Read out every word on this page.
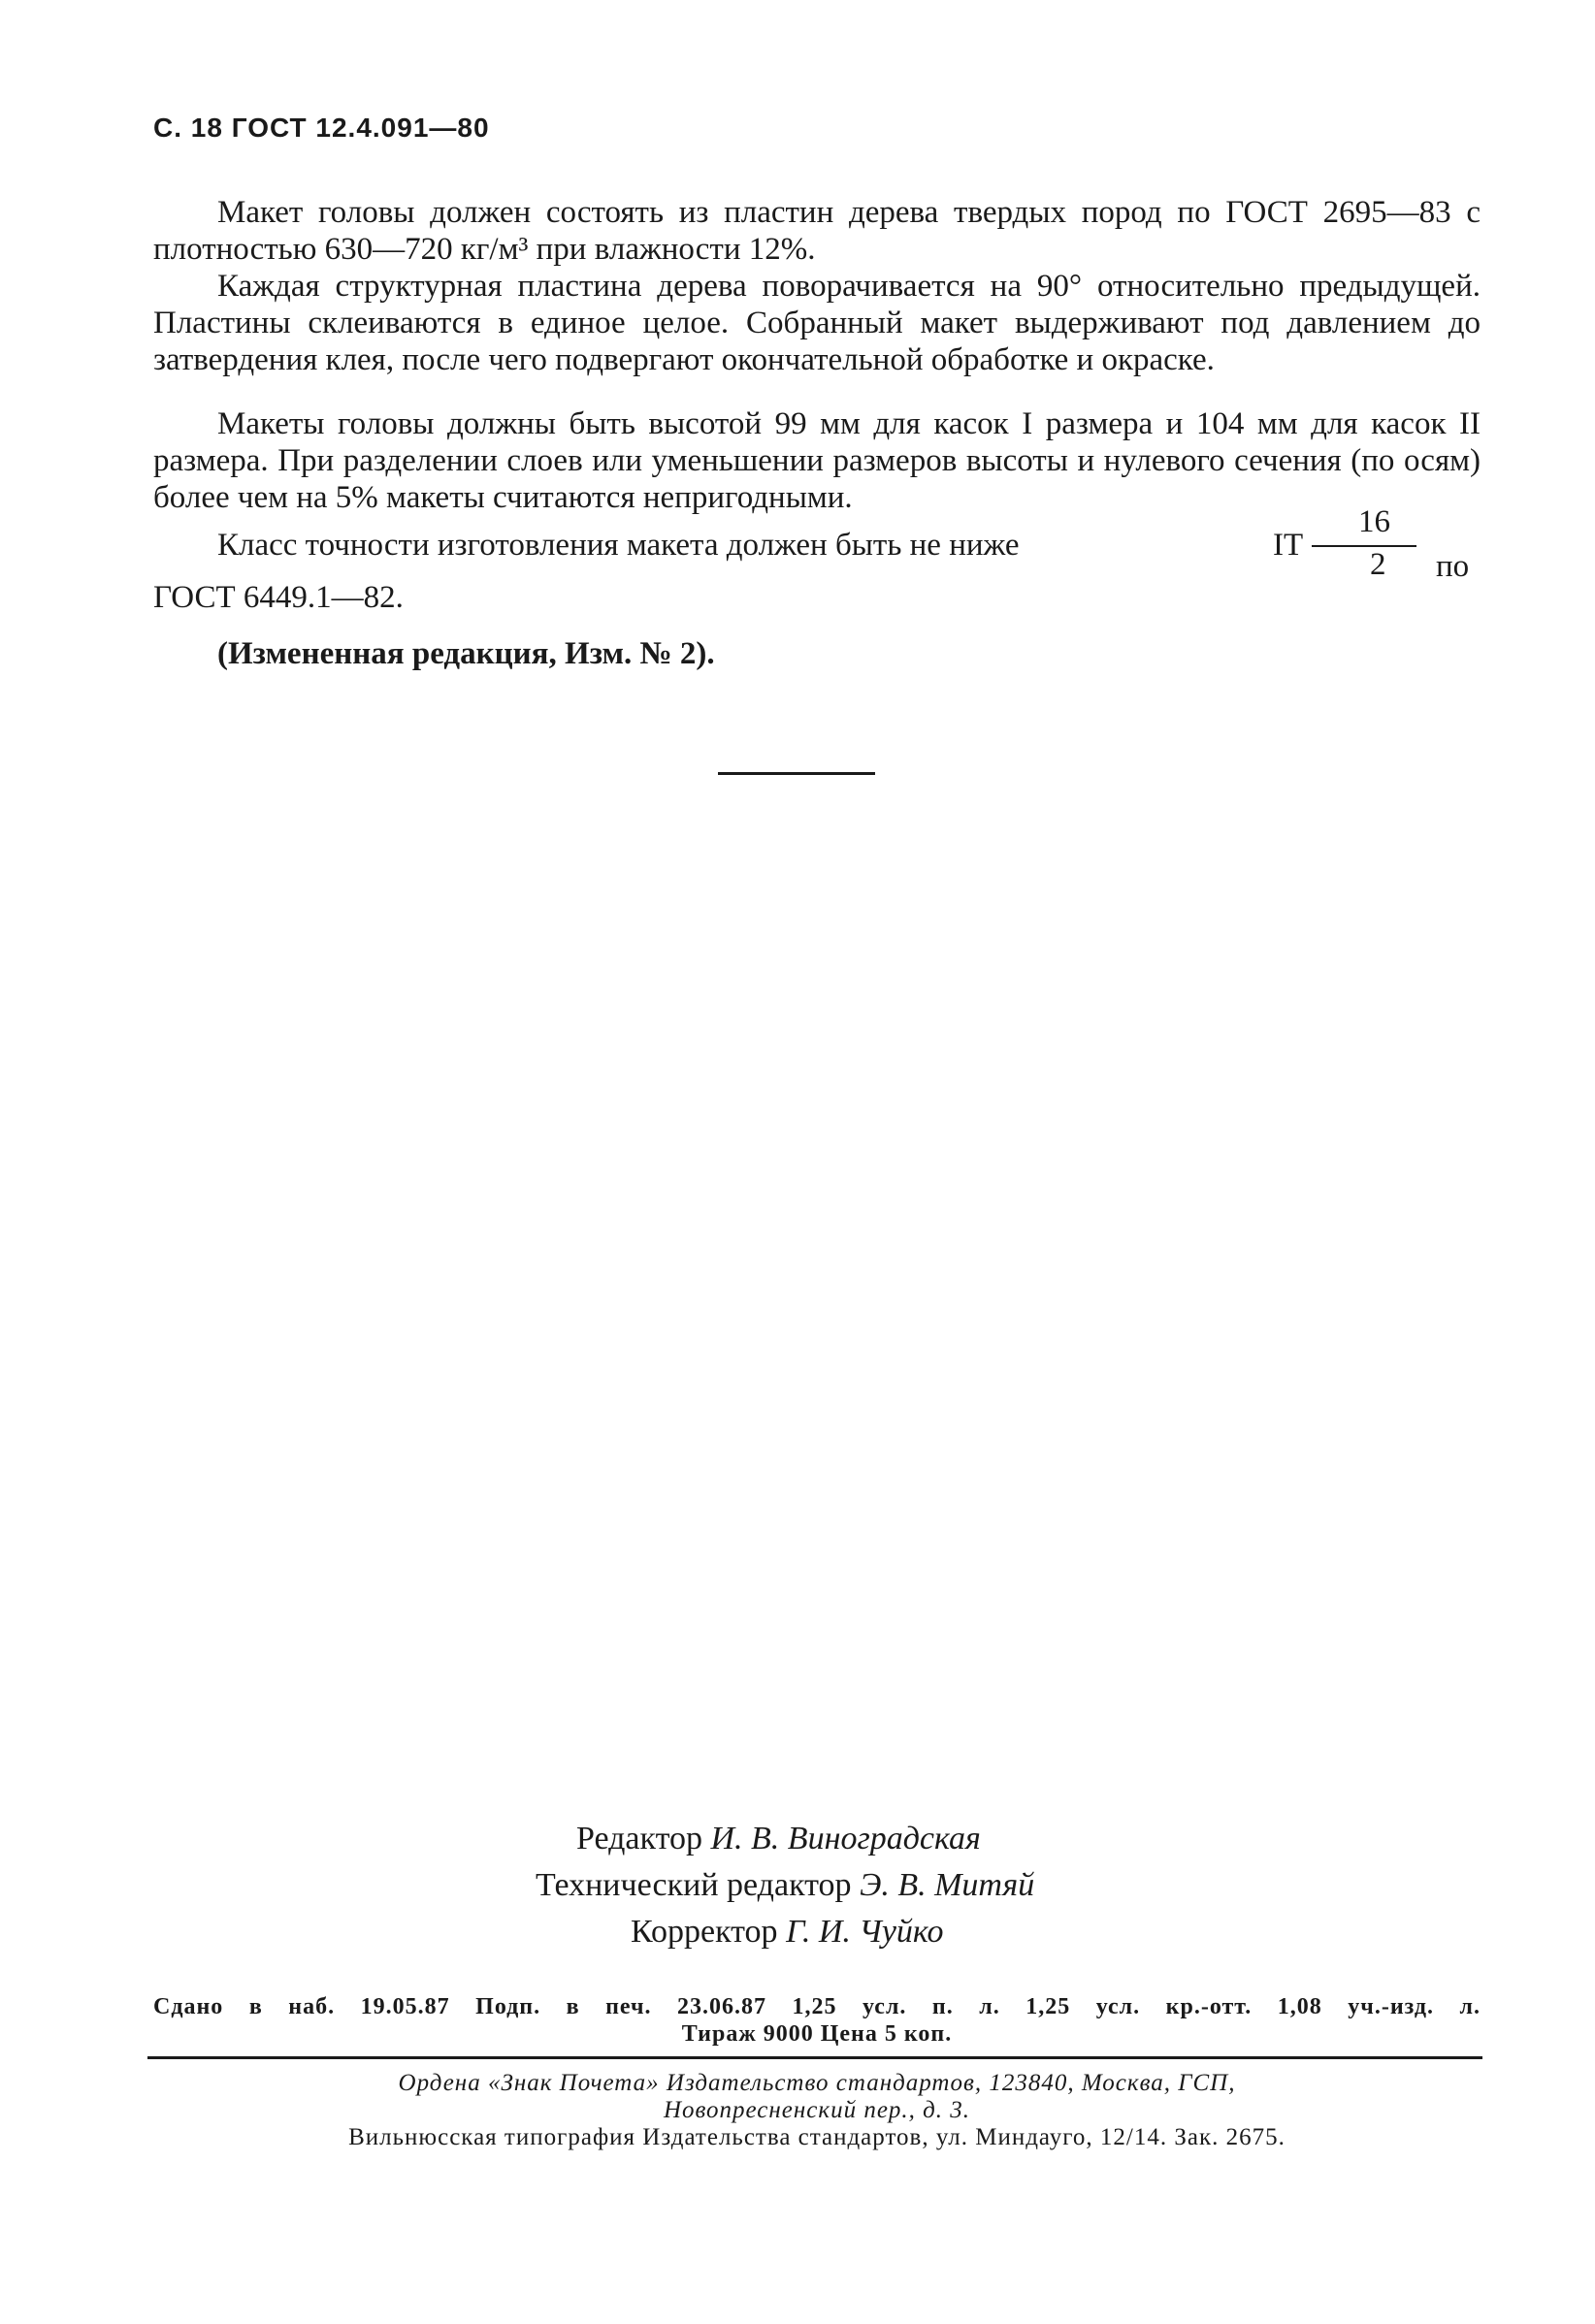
С. 18 ГОСТ 12.4.091—80

Макет головы должен состоять из пластин дерева твердых пород по ГОСТ 2695—83 с плотностью 630—720 кг/м³ при влажности 12%.

Каждая структурная пластина дерева поворачивается на 90° относительно предыдущей. Пластины склеиваются в единое целое. Собранный макет выдерживают под давлением до затвердения клея, после чего подвергают окончательной обработке и окраске.

Макеты головы должны быть высотой 99 мм для касок I размера и 104 мм для касок II размера. При разделении слоев или уменьшении размеров высоты и нулевого сечения (по осям) более чем на 5% макеты считаются непригодными.

Класс точности изготовления макета должен быть не ниже	IT
16
2 по
ГОСТ 6449.1—82.
(Измененная редакция, Изм. № 2).
Редактор И. В. Виноградская
Технический редактор Э. В. Митяй
Корректор Г. И. Чуйко
Сдано в наб. 19.05.87 Подп. в печ. 23.06.87 1,25 усл. п. л. 1,25 усл. кр.-отт. 1,08 уч.-изд. л.
Тираж 9000 Цена 5 коп.
Ордена «Знак Почета» Издательство стандартов, 123840, Москва, ГСП,
Новопресненский пер., д. 3.
Вильнюсская типография Издательства стандартов, ул. Миндауго, 12/14. Зак. 2675.
